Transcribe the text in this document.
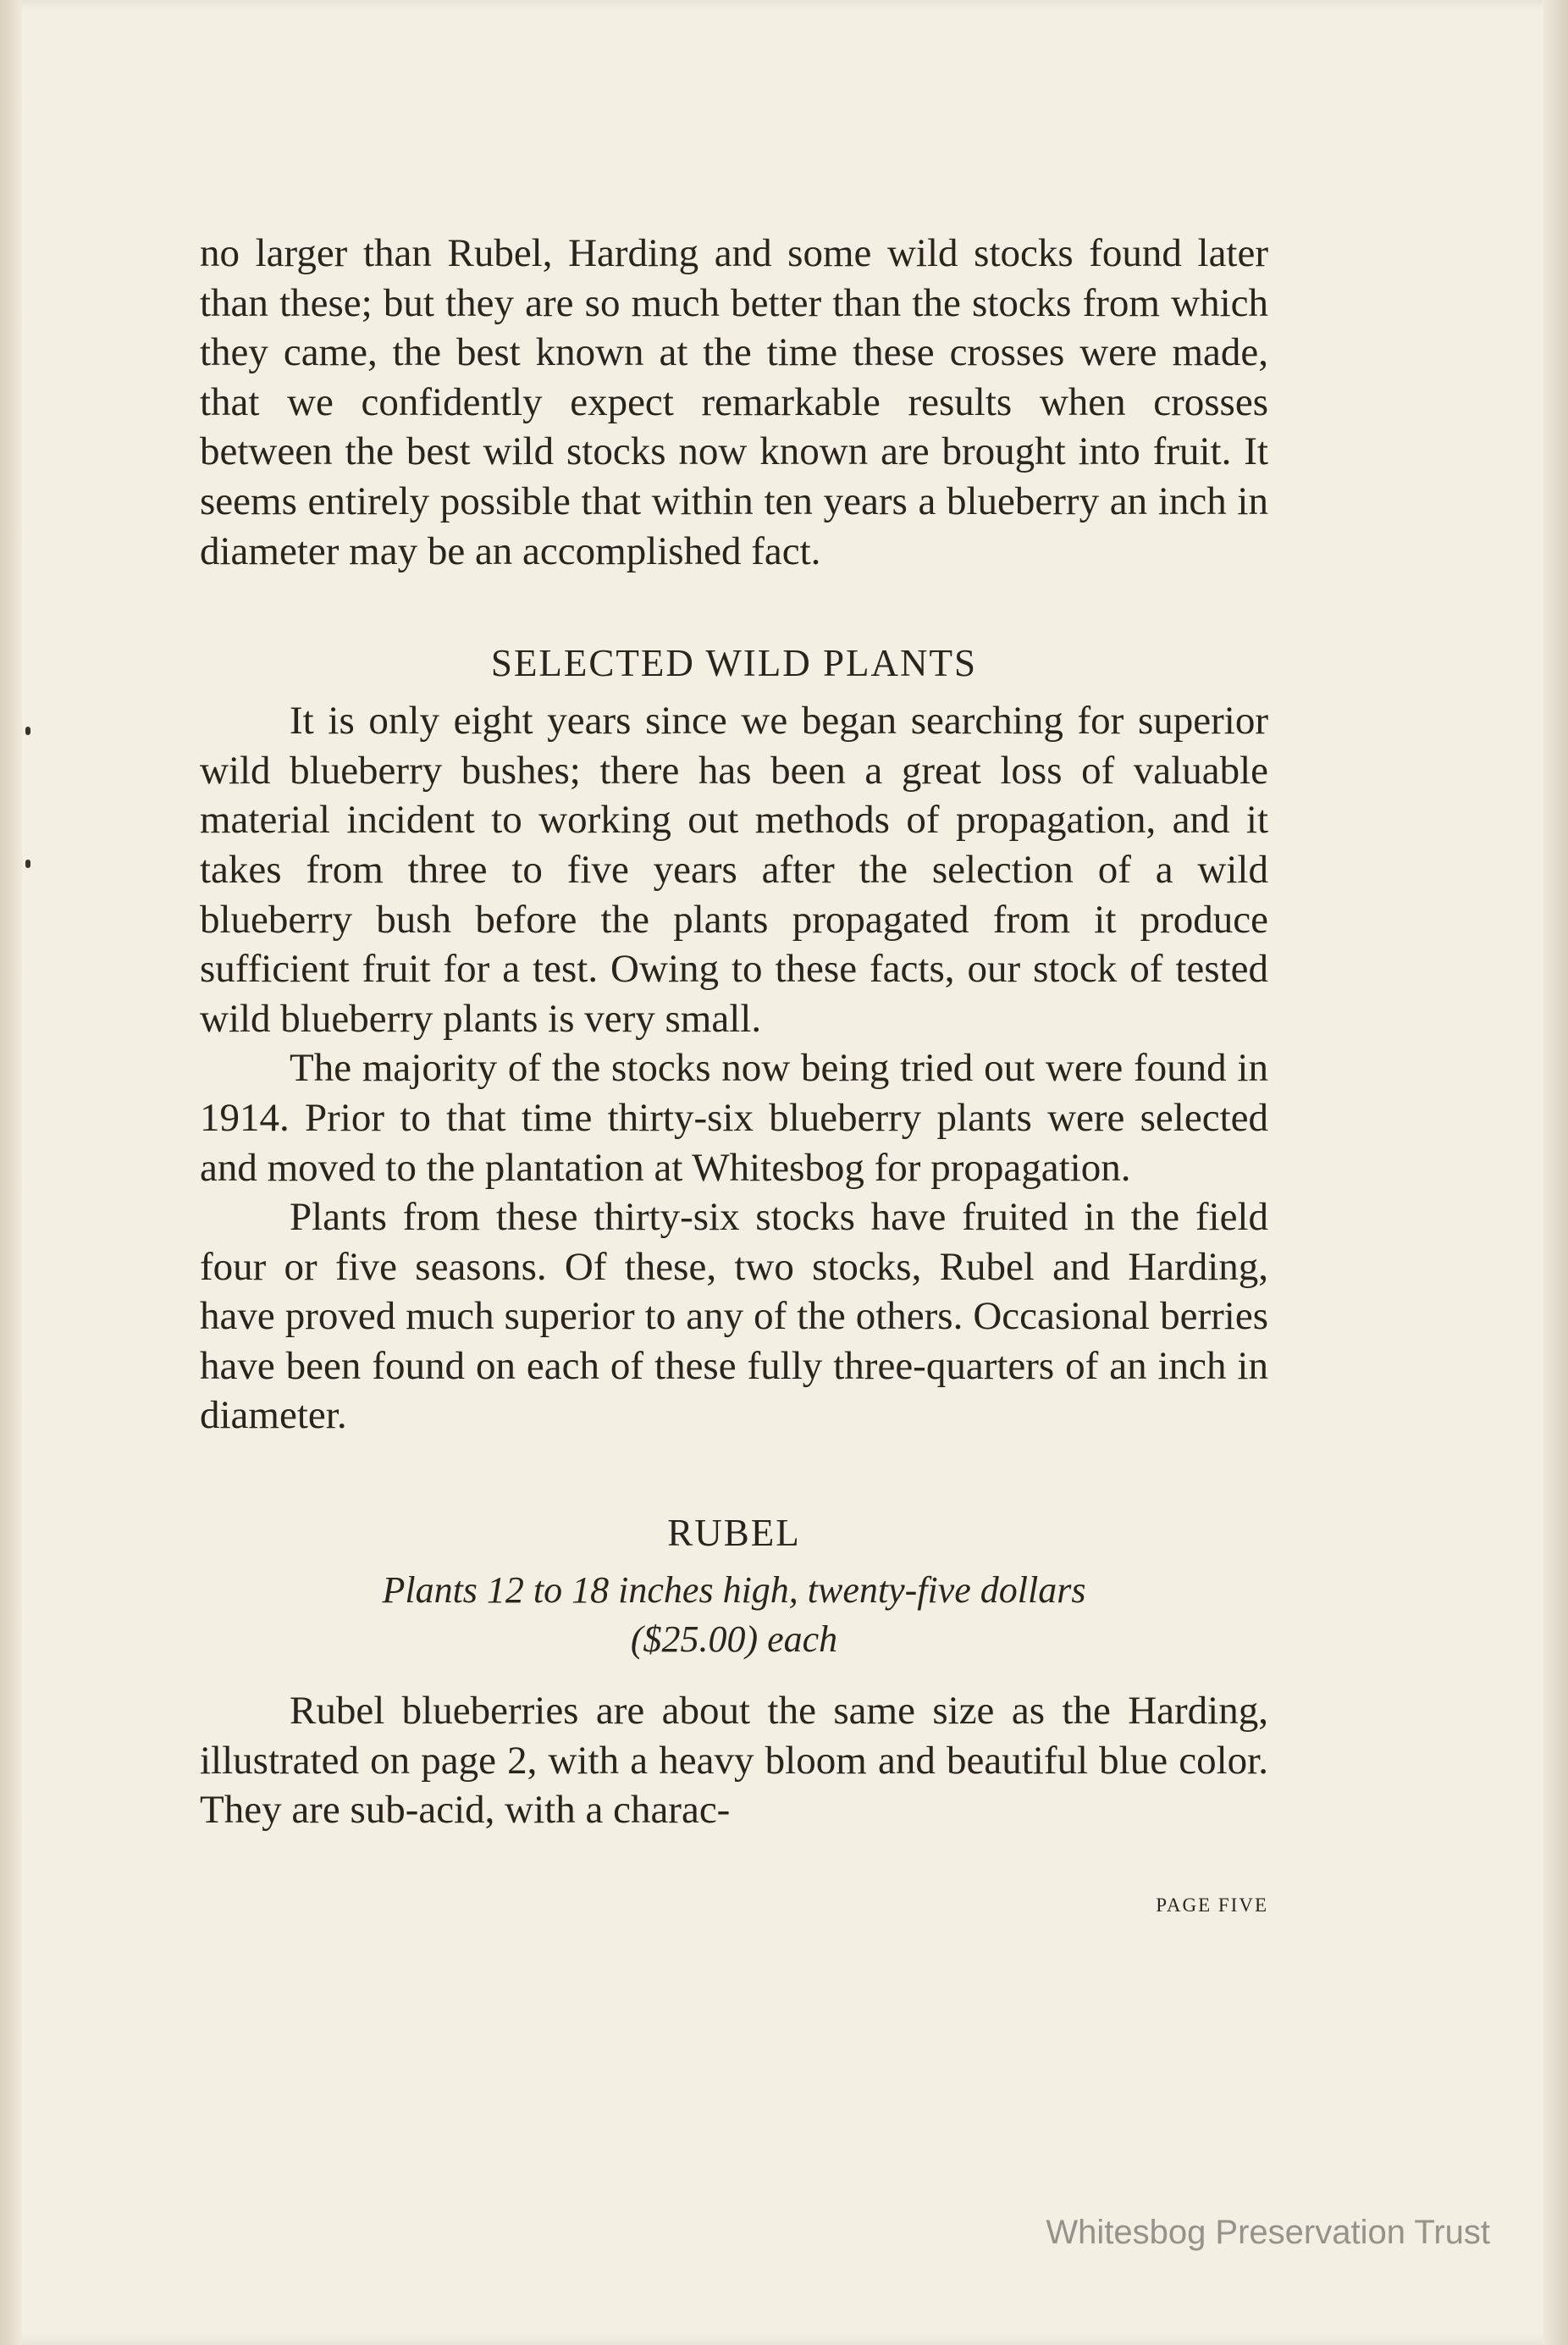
no larger than Rubel, Harding and some wild stocks found later than these; but they are so much better than the stocks from which they came, the best known at the time these crosses were made, that we confidently expect remarkable results when crosses between the best wild stocks now known are brought into fruit. It seems entirely possible that within ten years a blueberry an inch in diameter may be an accomplished fact.

SELECTED WILD PLANTS

It is only eight years since we began searching for superior wild blueberry bushes; there has been a great loss of valuable material incident to working out methods of propagation, and it takes from three to five years after the selection of a wild blueberry bush before the plants propagated from it produce sufficient fruit for a test. Owing to these facts, our stock of tested wild blueberry plants is very small.

The majority of the stocks now being tried out were found in 1914. Prior to that time thirty-six blueberry plants were selected and moved to the plantation at Whitesbog for propagation.

Plants from these thirty-six stocks have fruited in the field four or five seasons. Of these, two stocks, Rubel and Harding, have proved much superior to any of the others. Occasional berries have been found on each of these fully three-quarters of an inch in diameter.

RUBEL
Plants 12 to 18 inches high, twenty-five dollars
($25.00) each

Rubel blueberries are about the same size as the Harding, illustrated on page 2, with a heavy bloom and beautiful blue color. They are sub-acid, with a charac-

PAGE FIVE
Whitesbog Preservation Trust
